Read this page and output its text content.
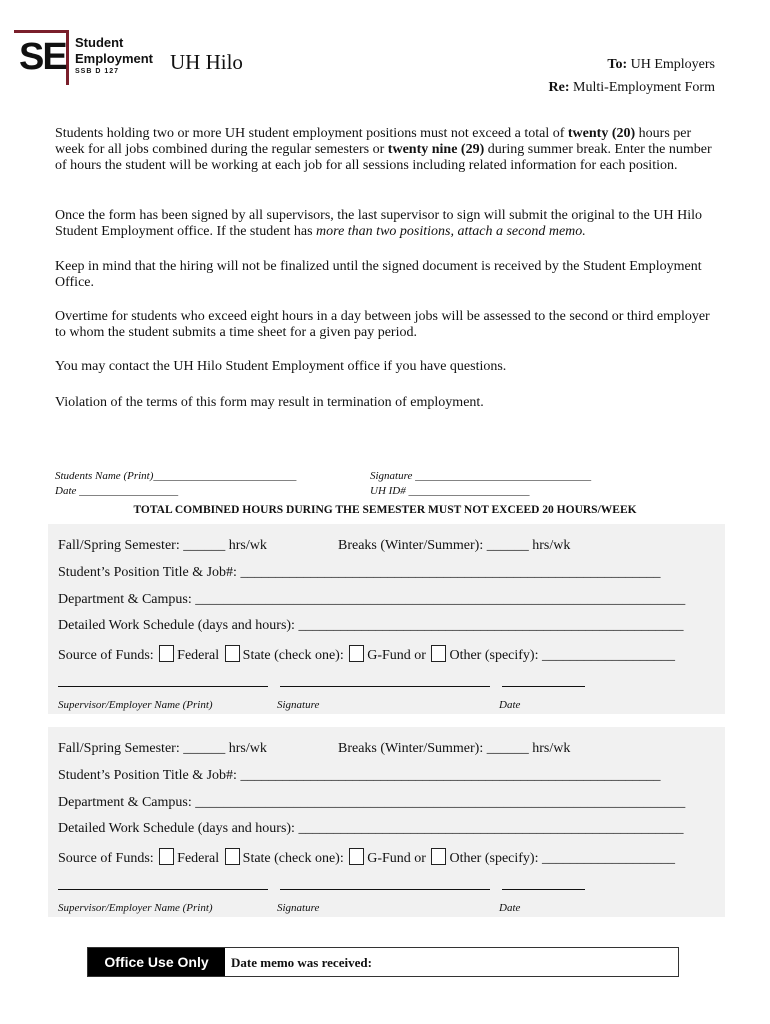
SE Student
Employment
SSB D 127	UH Hilo	To: UH Employers
Re: Multi-Employment Form
Students holding two or more UH student employment positions must not exceed a total of twenty (20) hours per week for all jobs combined during the regular semesters or twenty nine (29) during summer break. Enter the number of hours the student will be working at each job for all sessions including related information for each position.
Once the form has been signed by all supervisors, the last supervisor to sign will submit the original to the UH Hilo Student Employment office. If the student has more than two positions, attach a second memo.
Keep in mind that the hiring will not be finalized until the signed document is received by the Student Employment Office.
Overtime for students who exceed eight hours in a day between jobs will be assessed to the second or third employer to whom the student submits a time sheet for a given pay period.
You may contact the UH Hilo Student Employment office if you have questions.
Violation of the terms of this form may result in termination of employment.
Students Name (Print)__________________________	Signature ________________________________
Date __________________	UH ID# ______________________
TOTAL COMBINED HOURS DURING THE SEMESTER MUST NOT EXCEED 20 HOURS/WEEK
Fall/Spring Semester: ______ hrs/wk	Breaks (Winter/Summer): ______ hrs/wk
Student’s Position Title & Job#: ____________________________________________________________
Department & Campus: ______________________________________________________________________
Detailed Work Schedule (days and hours): _______________________________________________________
Source of Funds: Federal State (check one): G-Fund or Other (specify): ___________________
Supervisor/Employer Name (Print)	Signature	Date
Fall/Spring Semester: ______ hrs/wk	Breaks (Winter/Summer): ______ hrs/wk
Student’s Position Title & Job#: ____________________________________________________________
Department & Campus: ______________________________________________________________________
Detailed Work Schedule (days and hours): _______________________________________________________
Source of Funds: Federal State (check one): G-Fund or Other (specify): ___________________
Supervisor/Employer Name (Print)	Signature	Date
Office Use Only	Date memo was received:
